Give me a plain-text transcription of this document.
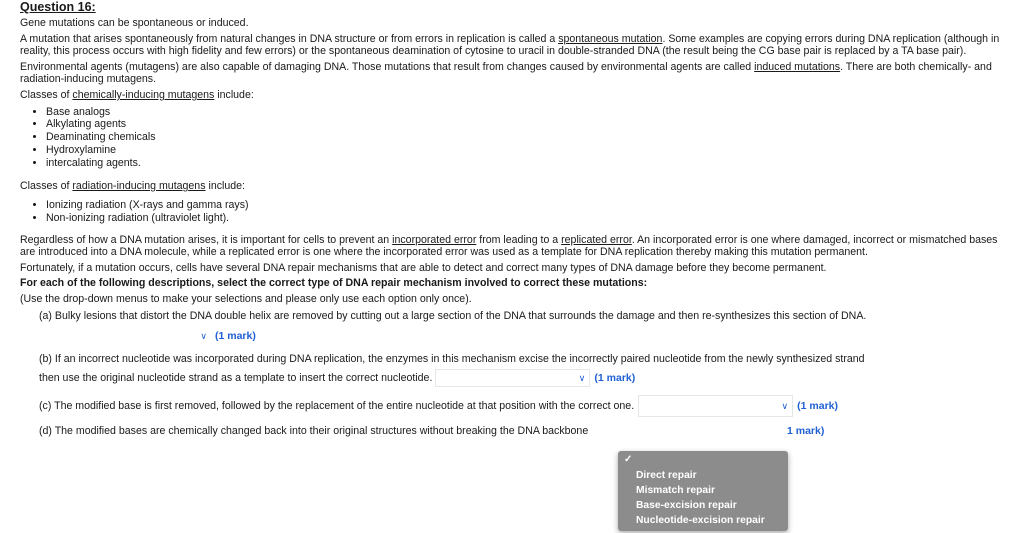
Question 16:

Gene mutations can be spontaneous or induced.

A mutation that arises spontaneously from natural changes in DNA structure or from errors in replication is called a spontaneous mutation. Some examples are copying errors during DNA replication (although in reality, this process occurs with high fidelity and few errors) or the spontaneous deamination of cytosine to uracil in double-stranded DNA (the result being the CG base pair is replaced by a TA base pair).

Environmental agents (mutagens) are also capable of damaging DNA. Those mutations that result from changes caused by environmental agents are called induced mutations. There are both chemically- and radiation-inducing mutagens.

Classes of chemically-inducing mutagens include:

• Base analogs
• Alkylating agents
• Deaminating chemicals
• Hydroxylamine
• intercalating agents.

Classes of radiation-inducing mutagens include:

• Ionizing radiation (X-rays and gamma rays)
• Non-ionizing radiation (ultraviolet light).

Regardless of how a DNA mutation arises, it is important for cells to prevent an incorporated error from leading to a replicated error. An incorporated error is one where damaged, incorrect or mismatched bases are introduced into a DNA molecule, while a replicated error is one where the incorporated error was used as a template for DNA replication thereby making this mutation permanent.

Fortunately, if a mutation occurs, cells have several DNA repair mechanisms that are able to detect and correct many types of DNA damage before they become permanent.

For each of the following descriptions, select the correct type of DNA repair mechanism involved to correct these mutations:

(Use the drop-down menus to make your selections and please only use each option only once).

(a) Bulky lesions that distort the DNA double helix are removed by cutting out a large section of the DNA that surrounds the damage and then re-synthesizes this section of DNA.
∨ (1 mark)
(b) If an incorrect nucleotide was incorporated during DNA replication, the enzymes in this mechanism excise the incorrectly paired nucleotide from the newly synthesized strand
then use the original nucleotide strand as a template to insert the correct nucleotide.	∨ (1 mark)
(c) The modified base is first removed, followed by the replacement of the entire nucleotide at that position with the correct one.	∨ (1 mark)
(d) The modified bases are chemically changed back into their original structures without breaking the DNA backbone	1 mark)
✓
Direct repair
Mismatch repair
Base-excision repair
Nucleotide-excision repair
